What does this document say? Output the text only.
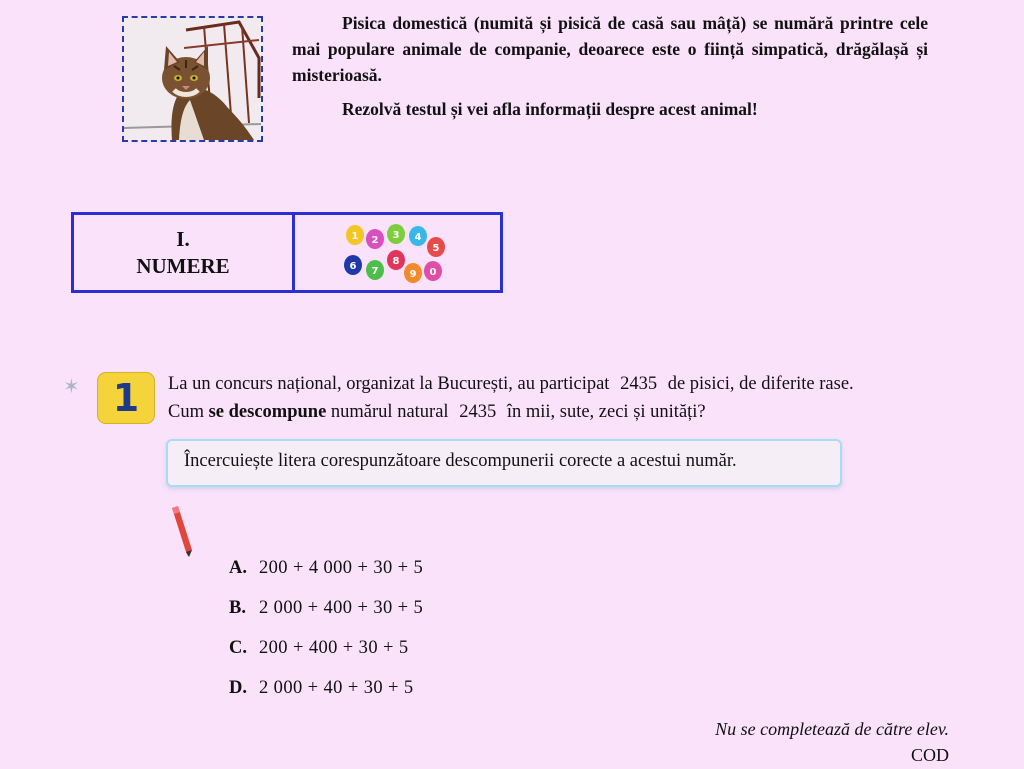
Pisica domestică (numită și pisică de casă sau mâță) se numără printre cele mai populare animale de companie, deoarece este o ființă simpatică, drăgălașă și misterioasă.

Rezolvă testul și vei afla informații despre acest animal!

I.
NUMERE
1 2 3 4
5
6 7
8
9 0
✶ 1 La un concurs național, organizat la București, au participat 2435 de pisici, de diferite rase.

Cum se descompune numărul natural 2435 în mii, sute, zeci și unități?

Încercuiește litera corespunzătoare descompunerii corecte a acestui număr.
A. 200 + 4 000 + 30 + 5
B. 2 000 + 400 + 30 + 5
C. 200 + 400 + 30 + 5
D. 2 000 + 40 + 30 + 5
Nu se completează de către elev.
COD
